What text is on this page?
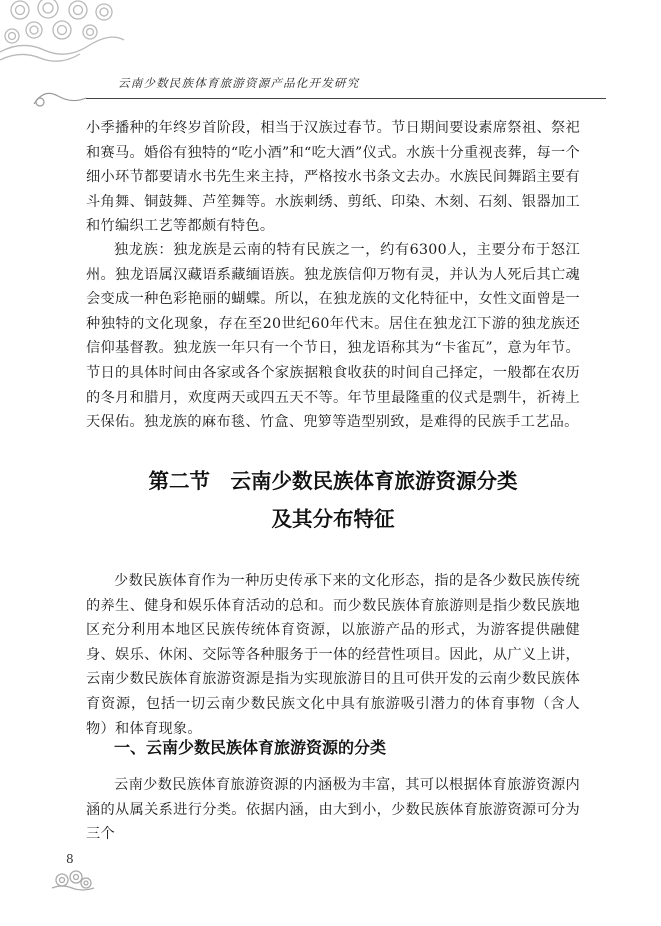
云南少数民族体育旅游资源产品化开发研究

小季播种的年终岁首阶段，相当于汉族过春节。节日期间要设素席祭祖、祭祀和赛马。婚俗有独特的“吃小酒”和“吃大酒”仪式。水族十分重视丧葬，每一个细小环节都要请水书先生来主持，严格按水书条文去办。水族民间舞蹈主要有斗角舞、铜鼓舞、芦笙舞等。水族刺绣、剪纸、印染、木刻、石刻、银器加工和竹编织工艺等都颇有特色。

独龙族：独龙族是云南的特有民族之一，约有6300人，主要分布于怒江州。独龙语属汉藏语系藏缅语族。独龙族信仰万物有灵，并认为人死后其亡魂会变成一种色彩艳丽的蝴蝶。所以，在独龙族的文化特征中，女性文面曾是一种独特的文化现象，存在至20世纪60年代末。居住在独龙江下游的独龙族还信仰基督教。独龙族一年只有一个节日，独龙语称其为“卡雀瓦”，意为年节。节日的具体时间由各家或各个家族据粮食收获的时间自己择定，一般都在农历的冬月和腊月，欢度两天或四五天不等。年节里最隆重的仪式是剽牛，祈祷上天保佑。独龙族的麻布毯、竹盒、兜箩等造型别致，是难得的民族手工艺品。

第二节　云南少数民族体育旅游资源分类
及其分布特征

少数民族体育作为一种历史传承下来的文化形态，指的是各少数民族传统的养生、健身和娱乐体育活动的总和。而少数民族体育旅游则是指少数民族地区充分利用本地区民族传统体育资源，以旅游产品的形式，为游客提供融健身、娱乐、休闲、交际等各种服务于一体的经营性项目。因此，从广义上讲，云南少数民族体育旅游资源是指为实现旅游目的且可供开发的云南少数民族体育资源，包括一切云南少数民族文化中具有旅游吸引潜力的体育事物（含人物）和体育现象。

一、云南少数民族体育旅游资源的分类

云南少数民族体育旅游资源的内涵极为丰富，其可以根据体育旅游资源内涵的从属关系进行分类。依据内涵，由大到小，少数民族体育旅游资源可分为三个

8
